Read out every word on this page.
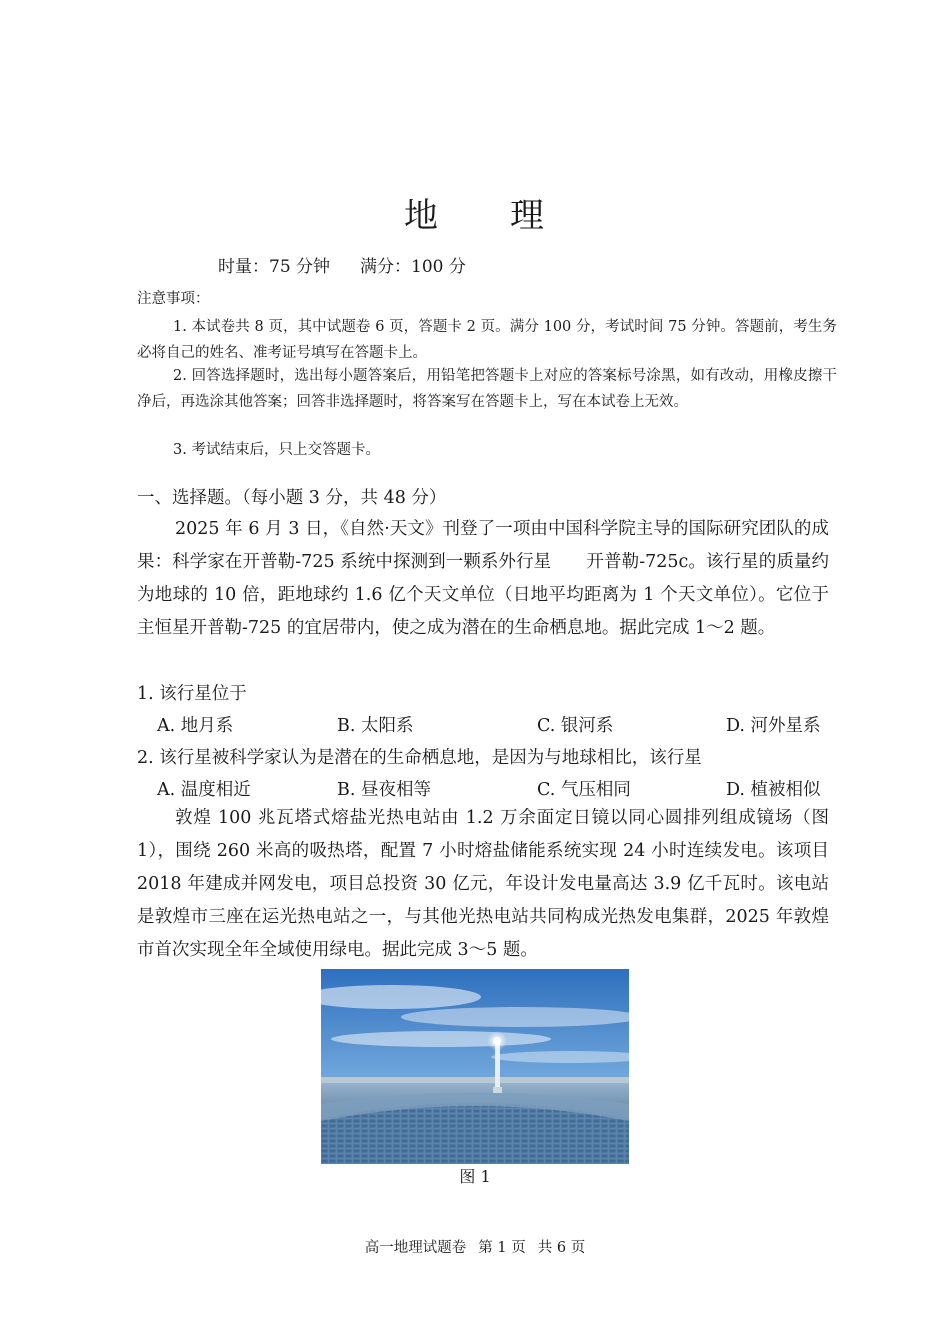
地 理
时量：75 分钟 满分：100 分
注意事项：
1. 本试卷共 8 页，其中试题卷 6 页，答题卡 2 页。满分 100 分，考试时间 75 分钟。答题前，考生务必将自己的姓名、准考证号填写在答题卡上。
2. 回答选择题时，选出每小题答案后，用铅笔把答题卡上对应的答案标号涂黑，如有改动，用橡皮擦干净后，再选涂其他答案；回答非选择题时，将答案写在答题卡上，写在本试卷上无效。
3. 考试结束后，只上交答题卡。
一、选择题。（每小题 3 分，共 48 分）
2025 年 6 月 3 日，《自然·天文》刊登了一项由中国科学院主导的国际研究团队的成果：科学家在开普勒-725 系统中探测到一颗系外行星　　开普勒-725c。该行星的质量约为地球的 10 倍，距地球约 1.6 亿个天文单位（日地平均距离为 1 个天文单位）。它位于主恒星开普勒-725 的宜居带内，使之成为潜在的生命栖息地。据此完成 1～2 题。
1. 该行星位于
A. 地月系	B. 太阳系	C. 银河系	D. 河外星系
2. 该行星被科学家认为是潜在的生命栖息地，是因为与地球相比，该行星
A. 温度相近	B. 昼夜相等	C. 气压相同	D. 植被相似
敦煌 100 兆瓦塔式熔盐光热电站由 1.2 万余面定日镜以同心圆排列组成镜场（图 1），围绕 260 米高的吸热塔，配置 7 小时熔盐储能系统实现 24 小时连续发电。该项目 2018 年建成并网发电，项目总投资 30 亿元，年设计发电量高达 3.9 亿千瓦时。该电站是敦煌市三座在运光热电站之一，与其他光热电站共同构成光热发电集群，2025 年敦煌市首次实现全年全域使用绿电。据此完成 3～5 题。
图 1
高一地理试题卷 第 1 页 共 6 页
